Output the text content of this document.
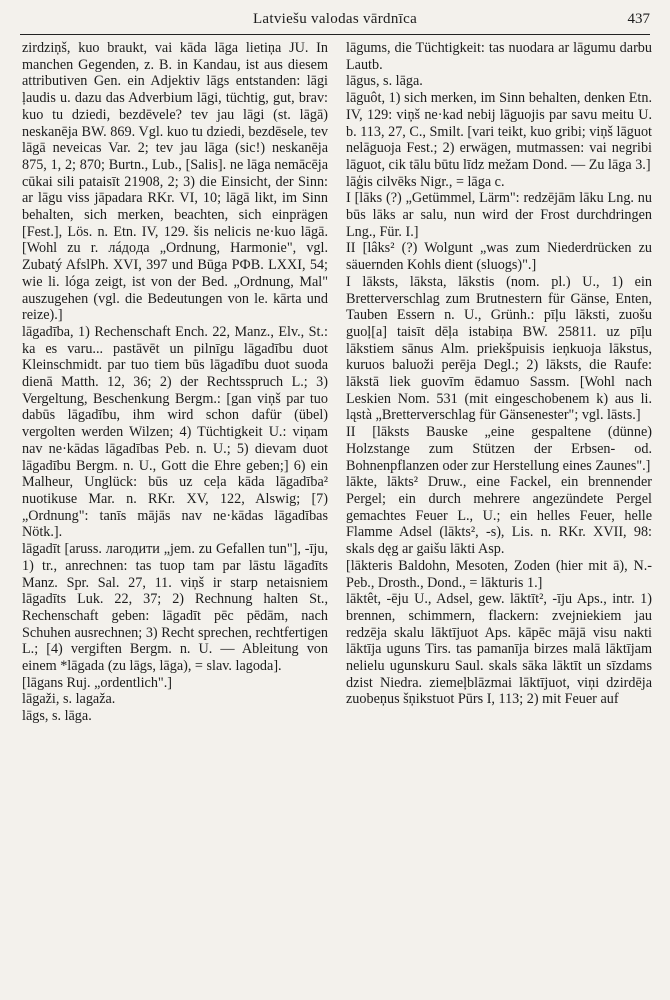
Latviešu valodas vārdnīca	437

zirdziņš, kuo braukt, vai kāda lāga lietiņa JU. In manchen Gegenden, z. B. in Kandau, ist aus diesem attributiven Gen. ein Adjektiv lāgs entstanden: lāgi ļaudis u. dazu das Adverbium lāgi, tüchtig, gut, brav: kuo tu dziedi, bezdēvele? tev jau lāgi (st. lāgā) neskanēja BW. 869. Vgl. kuo tu dziedi, bezdēsele, tev lāgā neveicas Var. 2; tev jau lāga (sic!) neskanēja 875, 1, 2; 870; Burtn., Lub., [Salis]. ne lāga nemācēja cūkai sili pataisīt 21908, 2; 3) die Einsicht, der Sinn: ar lāgu viss jāpadara RKr. VI, 10; lāgā likt, im Sinn behalten, sich merken, beachten, sich einprägen [Fest.], Lös. n. Etn. IV, 129. šis nelicis ne·kuo lāgā. [Wohl zu r. лáдoдa „Ordnung, Harmonie", vgl. Zubatý AfslPh. XVI, 397 und Būga PФB. LXXI, 54; wie li. lóga zeigt, ist von der Bed. „Ordnung, Mal" auszugehen (vgl. die Bedeutungen von le. kārta und reize).]

lāgadība, 1) Rechenschaft Ench. 22, Manz., Elv., St.: ka es varu... pastāvēt un pilnīgu lāgadību duot Kleinschmidt. par tuo tiem būs lāgadību duot suoda dienā Matth. 12, 36; 2) der Rechtsspruch L.; 3) Vergeltung, Beschenkung Bergm.: [gan viņš par tuo dabūs lāgadību, ihm wird schon dafür (übel) vergolten werden Wilzen; 4) Tüchtigkeit U.: viņam nav ne·kādas lāgadības Peb. n. U.; 5) dievam duot lāgadību Bergm. n. U., Gott die Ehre geben;] 6) ein Malheur, Unglück: būs uz ceļa kāda lāgadība² nuotikuse Mar. n. RKr. XV, 122, Alswig; [7) „Ordnung": tanīs mājās nav ne·kādas lāgadības Nötk.].

lāgadīt [aruss. лагодити „jem. zu Gefallen tun"], -īju, 1) tr., anrechnen: tas tuop tam par lāstu lāgadīts Manz. Spr. Sal. 27, 11. viņš ir starp netaisniem lāgadīts Luk. 22, 37; 2) Rechnung halten St., Rechenschaft geben: lāgadīt pēc pēdām, nach Schuhen ausrechnen; 3) Recht sprechen, rechtfertigen L.; [4) vergiften Bergm. n. U. — Ableitung von einem *lāgada (zu lāgs, lāga), = slav. lagoda].

[lāgans Ruj. „ordentlich".]

lāgaži, s. lagaža.

lāgs, s. lāga.

lāgums, die Tüchtigkeit: tas nuodara ar lāgumu darbu Lautb.

lāgus, s. lāga.

lāguôt, 1) sich merken, im Sinn behalten, denken Etn. IV, 129: viņš ne·kad nebij lāguojis par savu meitu U. b. 113, 27, C., Smilt. [vari teikt, kuo gribi; viņš lāguot nelāguoja Fest.; 2) erwägen, mutmassen: vai negribi lāguot, cik tālu būtu līdz mežam Dond. — Zu lāga 3.]

lāģis cilvēks Nigr., = lāga c.

I [lāks (?) „Getümmel, Lärm": redzējām lāku Lng. nu būs lāks ar salu, nun wird der Frost durchdringen Lng., Für. I.]

II [lâks² (?) Wolgunt „was zum Niederdrücken zu säuernden Kohls dient (sluogs)".]

I lāksts, lāksta, lākstis (nom. pl.) U., 1) ein Bretterverschlag zum Brutnestern für Gänse, Enten, Tauben Essern n. U., Grünh.: pīļu lāksti, zuošu guoļ[a] taisīt dēļa istabiņa BW. 25811. uz pīļu lākstiem sānus Alm. priekšpuisis ieņkuoja lākstus, kuruos baluoži perēja Degl.; 2) lāksts, die Raufe: lākstā liek guovīm ēdamuo Sassm. [Wohl nach Leskien Nom. 531 (mit eingeschobenem k) aus li. ląstà „Bretterverschlag für Gänsenester"; vgl. lāsts.]

II [lāksts Bauske „eine gespaltene (dünne) Holzstange zum Stützen der Erbsen- od. Bohnenpflanzen oder zur Herstellung eines Zaunes".]

lākte, lākts² Druw., eine Fackel, ein brennender Pergel; ein durch mehrere angezündete Pergel gemachtes Feuer L., U.; ein helles Feuer, helle Flamme Adsel (lākts², -s), Lis. n. RKr. XVII, 98: skals dęg ar gaišu lākti Asp.

[lākteris Baldohn, Mesoten, Zoden (hier mit ā), N.-Peb., Drosth., Dond., = lākturis 1.]

lāktêt, -ēju U., Adsel, gew. lāktīt², -īju Aps., intr. 1) brennen, schimmern, flackern: zvejniekiem jau redzēja skalu lāktījuot Aps. kāpēc mājā visu nakti lāktīja uguns Tirs. tas pamanīja birzes malā lāktījam nelielu ugunskuru Saul. skals sāka lāktīt un sīzdams dzist Niedra. ziemeļblāzmai lāktījuot, viņi dzirdēja zuobeņus šņikstuot Pūrs I, 113; 2) mit Feuer auf
